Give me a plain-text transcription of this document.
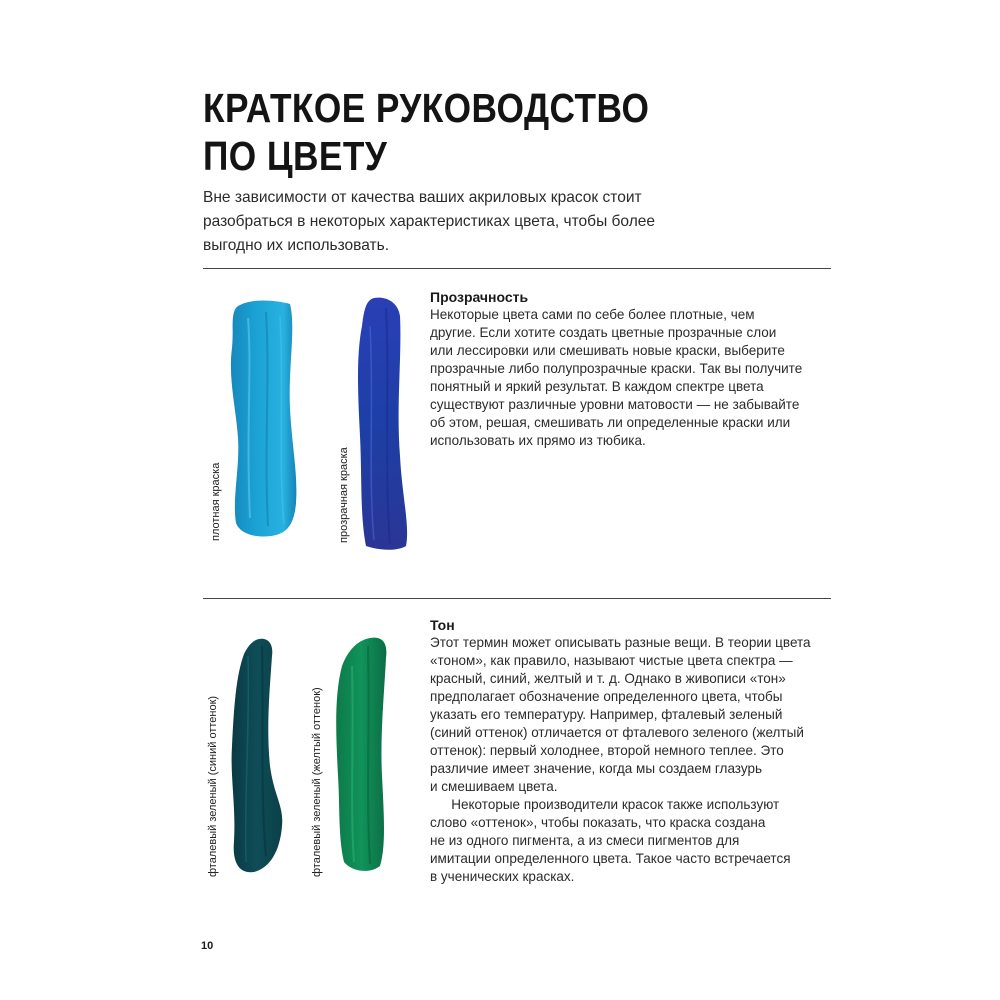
КРАТКОЕ РУКОВОДСТВО
ПО ЦВЕТУ

Вне зависимости от качества ваших акриловых красок стоит
разобраться в некоторых характеристиках цвета, чтобы более
выгодно их использовать.

плотная краска	прозрачная краска
Прозрачность

Некоторые цвета сами по себе более плотные, чем
другие. Если хотите создать цветные прозрачные слои
или лессировки или смешивать новые краски, выберите
прозрачные либо полупрозрачные краски. Так вы получите
понятный и яркий результат. В каждом спектре цвета
существуют различные уровни матовости — не забывайте
об этом, решая, смешивать ли определенные краски или
использовать их прямо из тюбика.

фталевый зеленый (синий оттенок)	фталевый зеленый (желтый оттенок)
Тон

Этот термин может описывать разные вещи. В теории цвета
«тоном», как правило, называют чистые цвета спектра —
красный, синий, желтый и т. д. Однако в живописи «тон»
предполагает обозначение определенного цвета, чтобы
указать его температуру. Например, фталевый зеленый
(синий оттенок) отличается от фталевого зеленого (желтый
оттенок): первый холоднее, второй немного теплее. Это
различие имеет значение, когда мы создаем глазурь
и смешиваем цвета.
Некоторые производители красок также используют
слово «оттенок», чтобы показать, что краска создана
не из одного пигмента, а из смеси пигментов для
имитации определенного цвета. Такое часто встречается
в ученических красках.

10
